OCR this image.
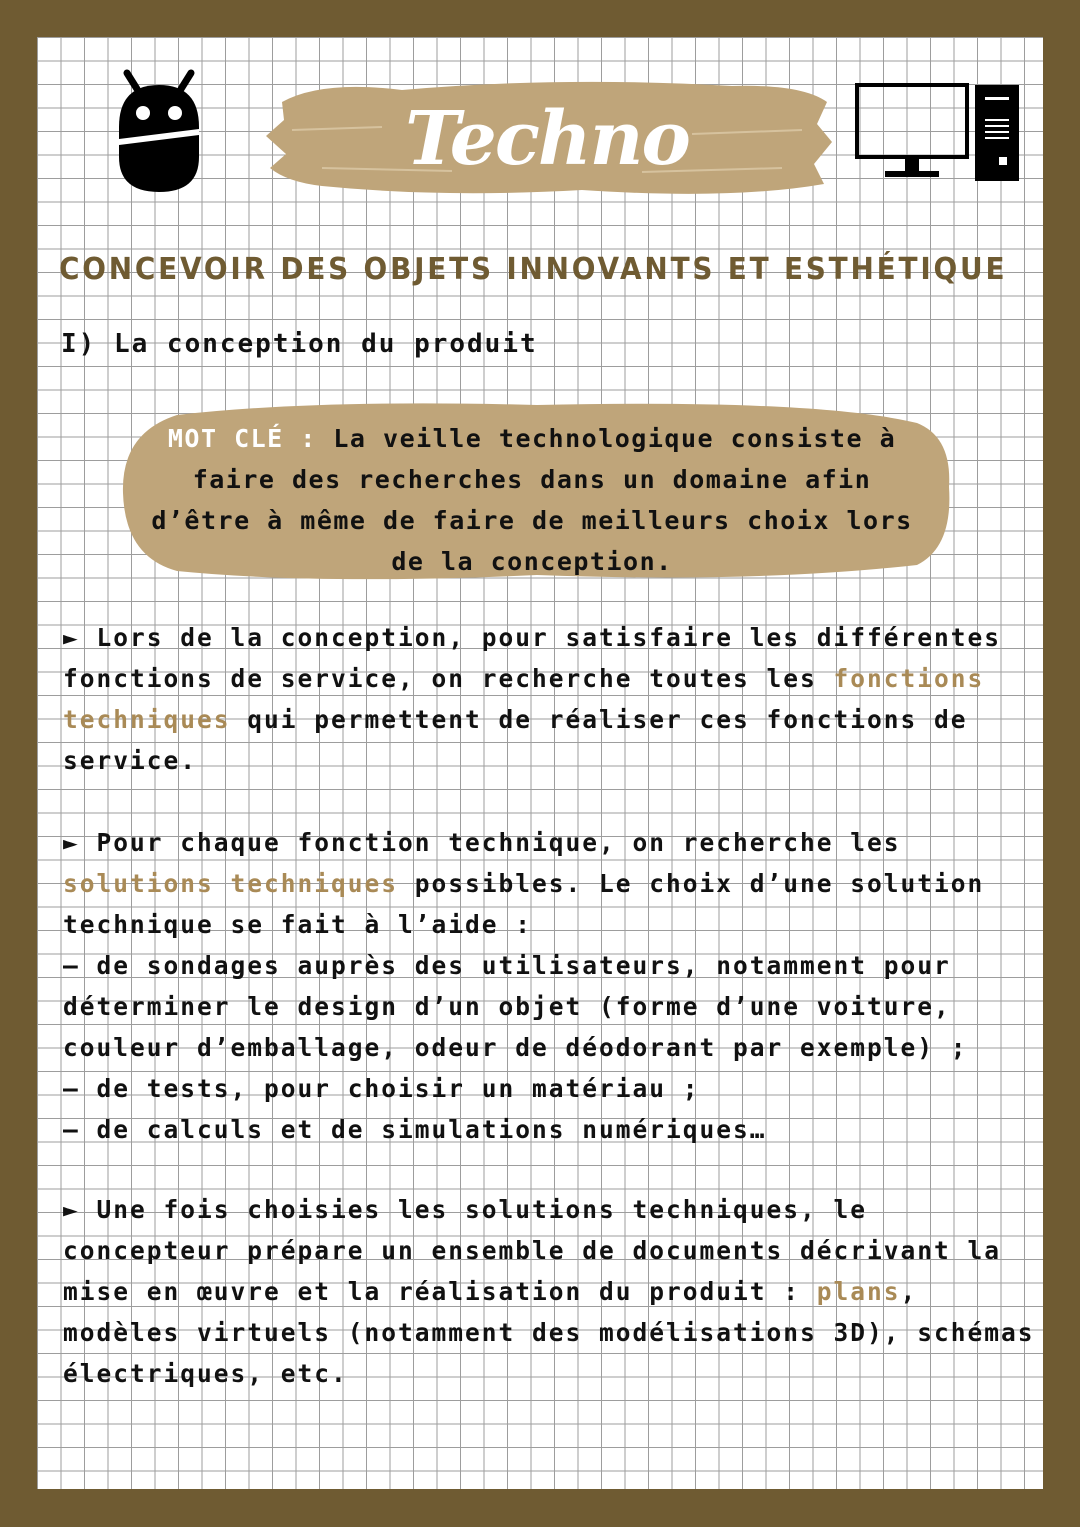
Techno
CONCEVOIR DES OBJETS INNOVANTS ET ESTHÉTIQUE
I) La conception du produit
MOT CLÉ : La veille technologique consiste à faire des recherches dans un domaine afin d’être à même de faire de meilleurs choix lors de la conception.
► Lors de la conception, pour satisfaire les différentes fonctions de service, on recherche toutes les fonctions techniques qui permettent de réaliser ces fonctions de service.
► Pour chaque fonction technique, on recherche les solutions techniques possibles. Le choix d’une solution technique se fait à l’aide :
– de sondages auprès des utilisateurs, notamment pour déterminer le design d’un objet (forme d’une voiture, couleur d’emballage, odeur de déodorant par exemple) ;
– de tests, pour choisir un matériau ;
– de calculs et de simulations numériques…
► Une fois choisies les solutions techniques, le concepteur prépare un ensemble de documents décrivant la mise en œuvre et la réalisation du produit : plans, modèles virtuels (notamment des modélisations 3D), schémas électriques, etc.
